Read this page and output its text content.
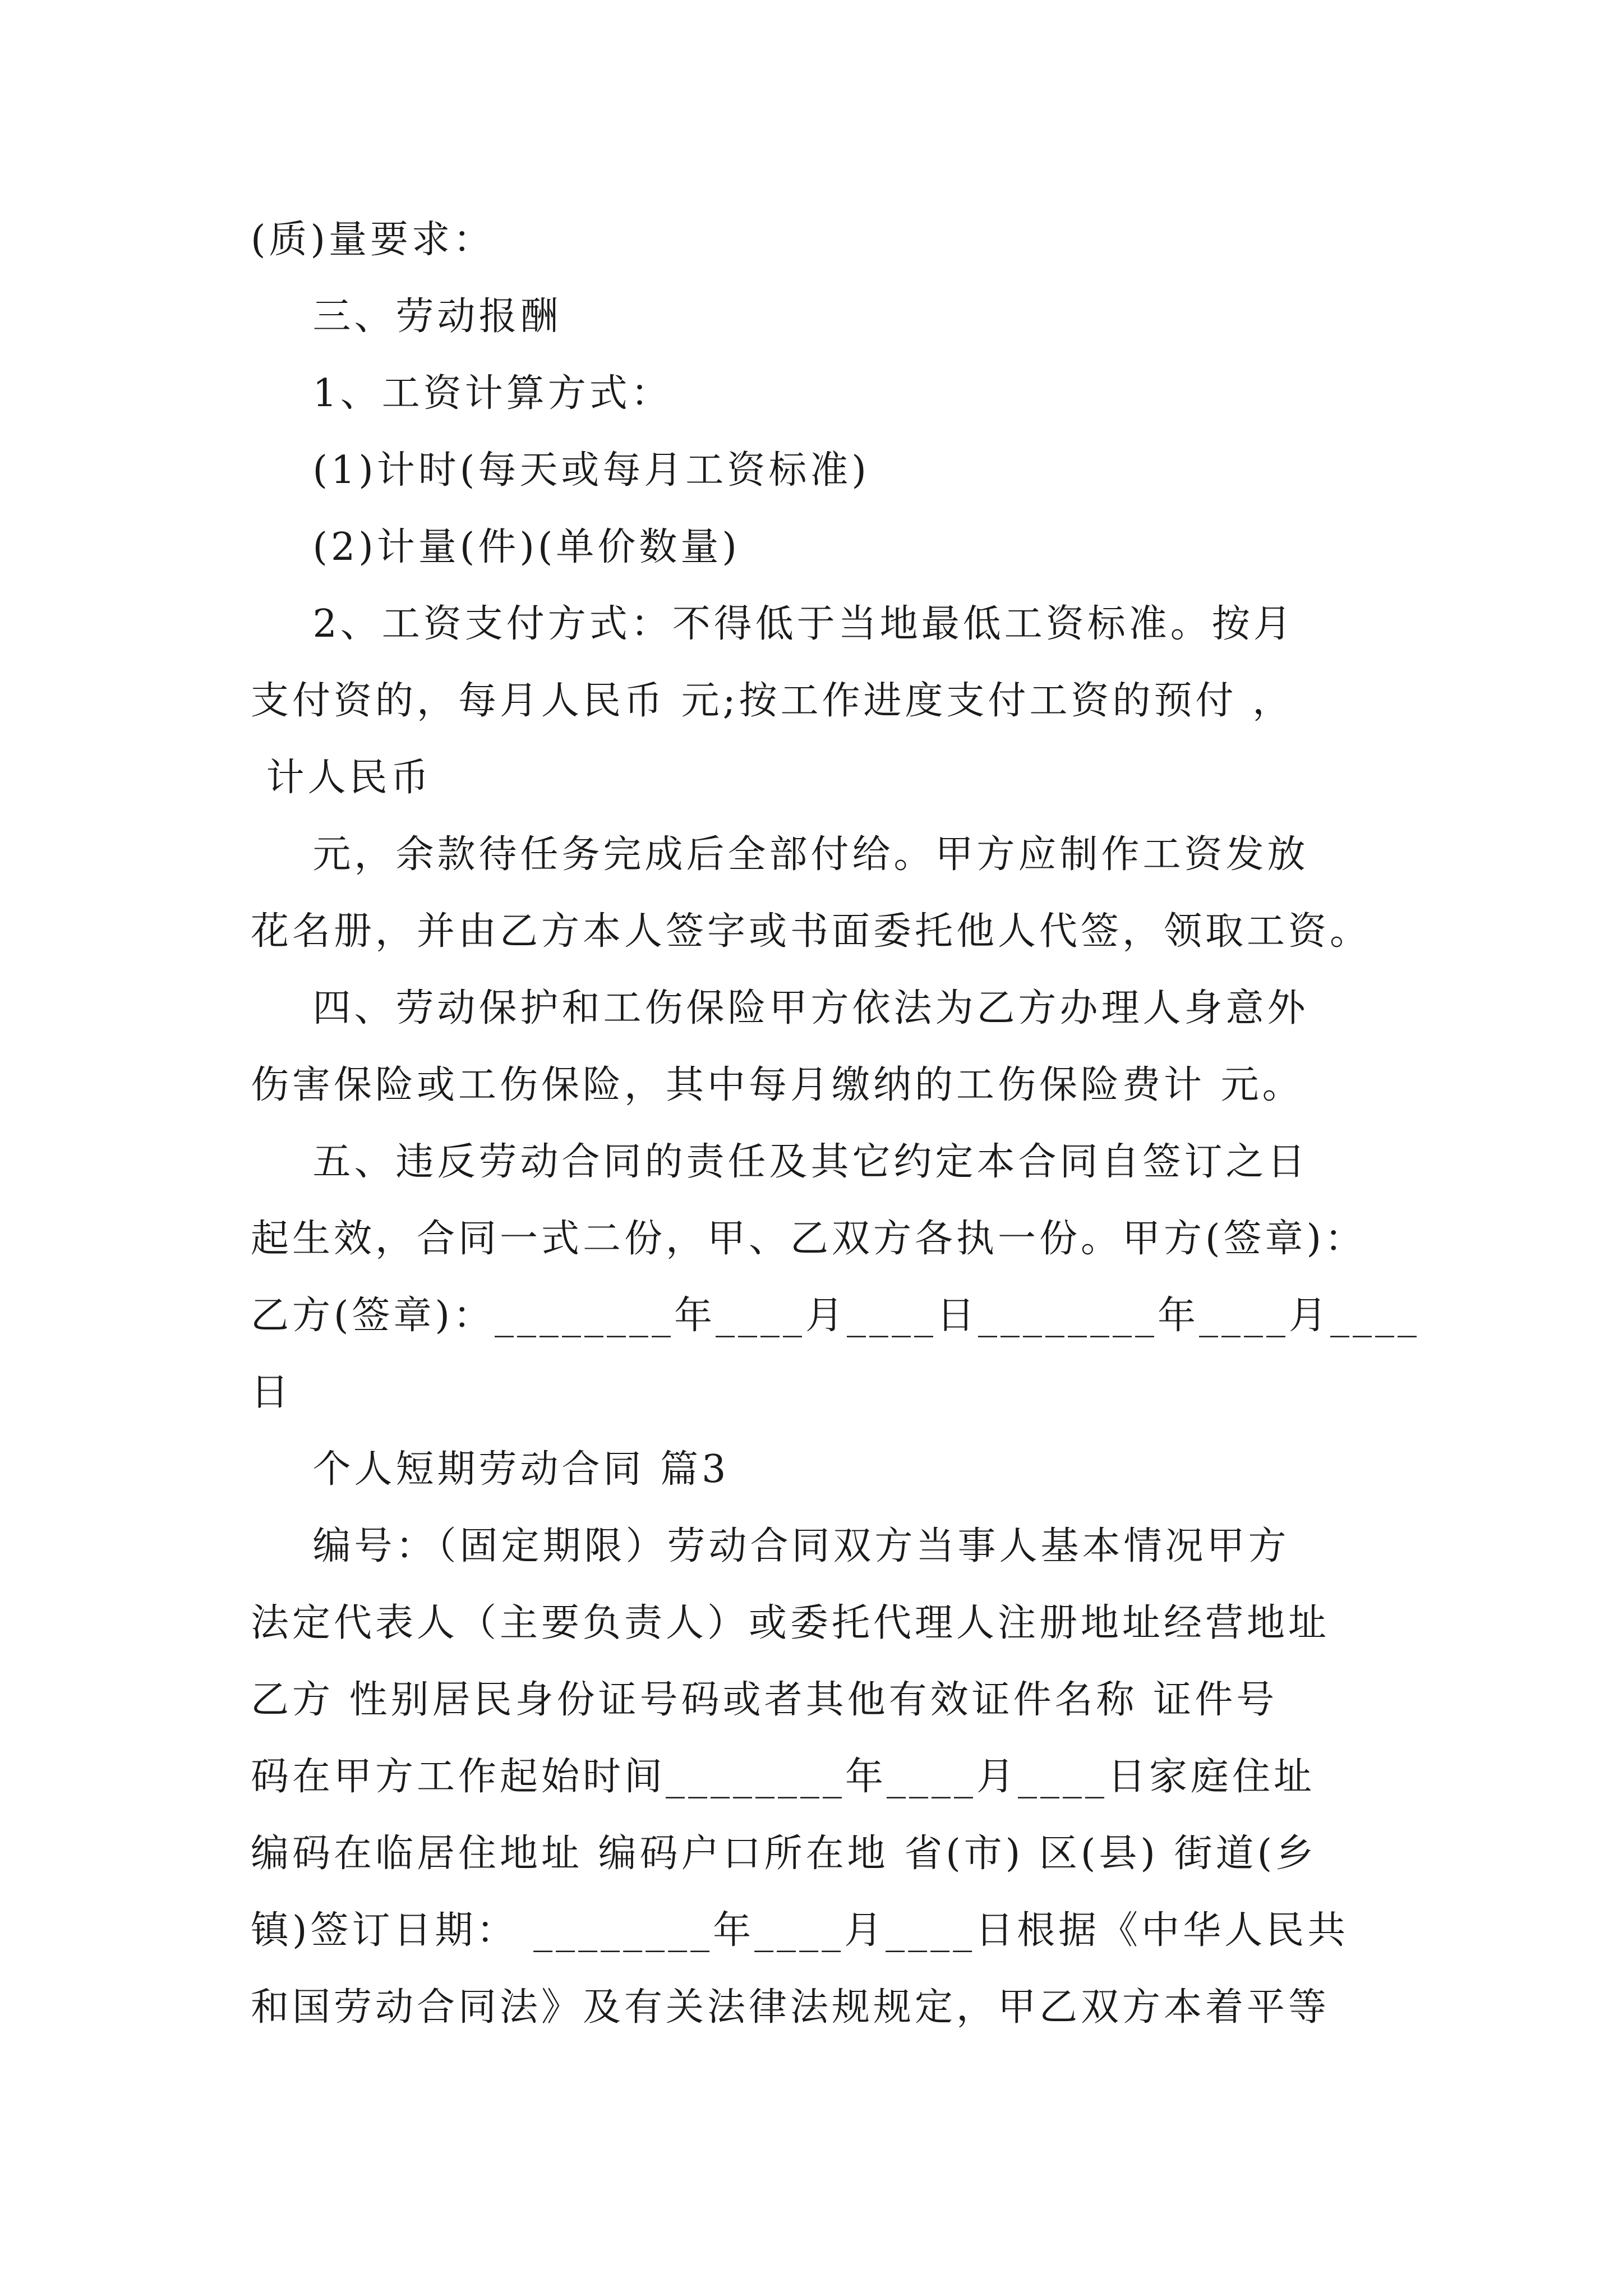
(质)量要求：
三、劳动报酬
1、工资计算方式：
(1)计时(每天或每月工资标准)
(2)计量(件)(单价数量)
2、工资支付方式：不得低于当地最低工资标准。按月
支付资的，每月人民币 元;按工作进度支付工资的预付 ，
计人民币
元，余款待任务完成后全部付给。甲方应制作工资发放
花名册，并由乙方本人签字或书面委托他人代签，领取工资。
四、劳动保护和工伤保险甲方依法为乙方办理人身意外
伤害保险或工伤保险，其中每月缴纳的工伤保险费计 元。
五、违反劳动合同的责任及其它约定本合同自签订之日
起生效，合同一式二份，甲、乙双方各执一份。甲方(签章)：
乙方(签章)：________年____月____日________年____月____
日
个人短期劳动合同 篇3
编号：（固定期限）劳动合同双方当事人基本情况甲方
法定代表人（主要负责人）或委托代理人注册地址经营地址
乙方 性别居民身份证号码或者其他有效证件名称 证件号
码在甲方工作起始时间________年____月____日家庭住址
编码在临居住地址 编码户口所在地 省(市) 区(县) 街道(乡
镇)签订日期： ________年____月____日根据《中华人民共
和国劳动合同法》及有关法律法规规定，甲乙双方本着平等
